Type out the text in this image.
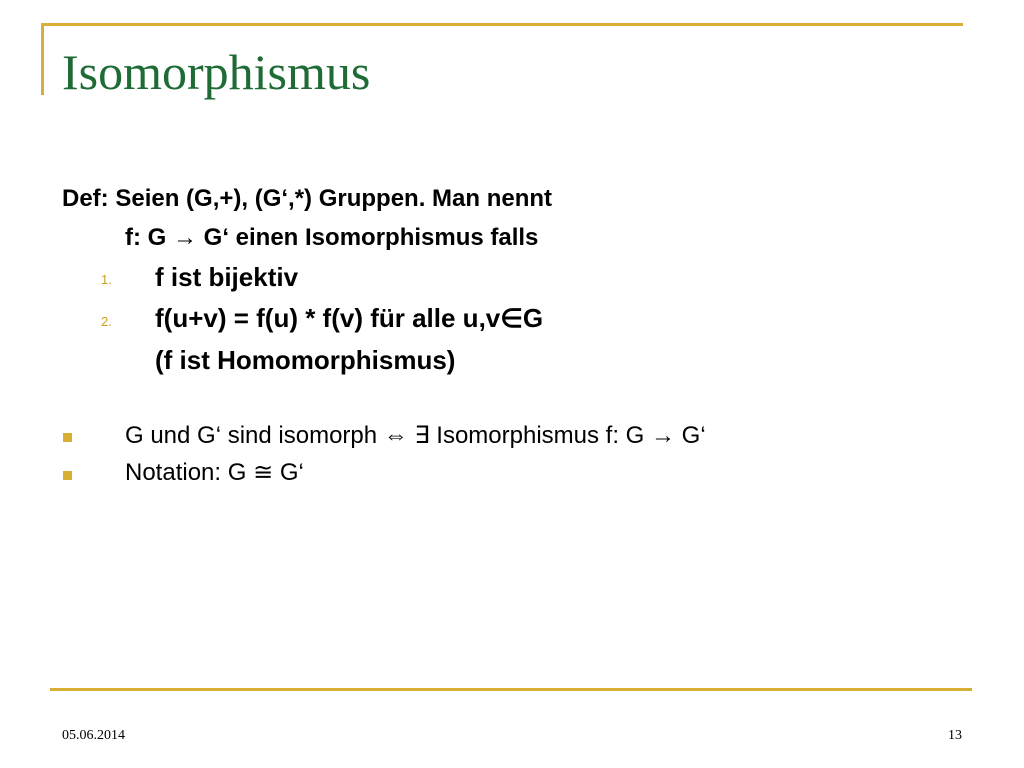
Isomorphismus
Def: Seien (G,+), (G‘,*) Gruppen. Man nennt
f: G → G‘ einen Isomorphismus falls
1. f ist bijektiv
2. f(u+v) = f(u) * f(v) für alle u,v∈G
(f ist Homomorphismus)
G und G‘ sind isomorph ⇔ ∃ Isomorphismus f: G → G‘
Notation: G ≅ G‘
05.06.2014	13
